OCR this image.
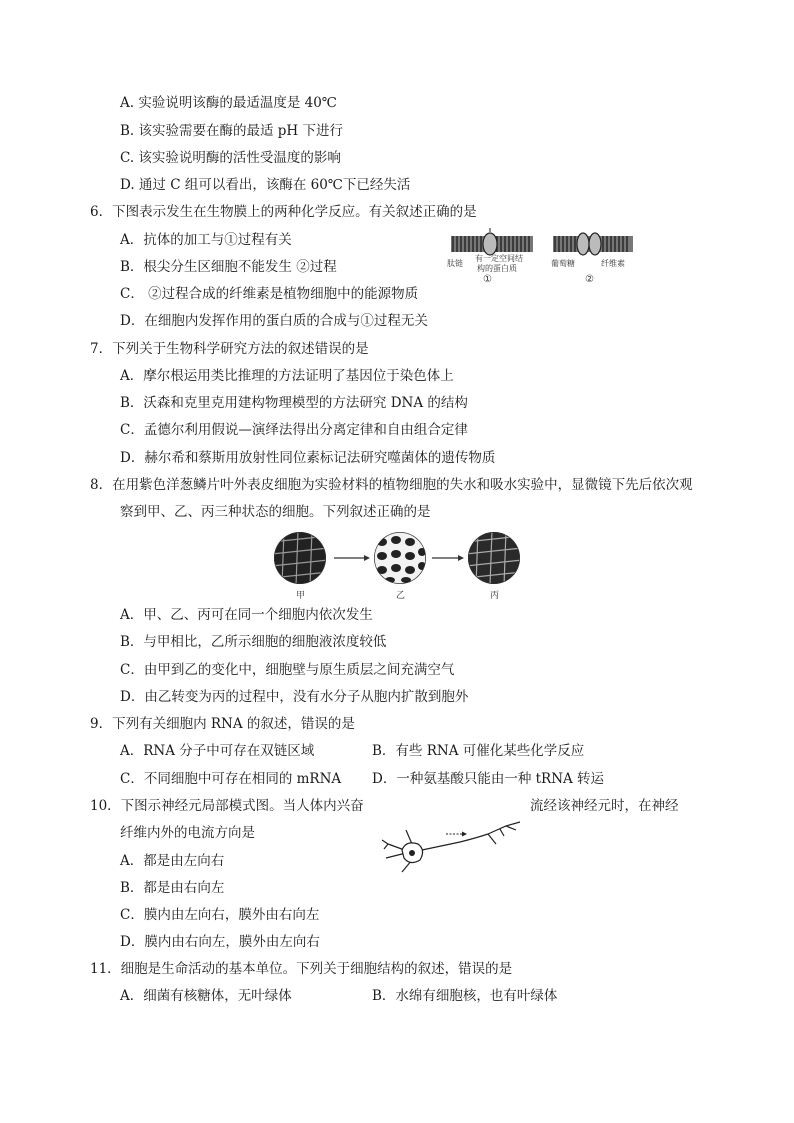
A. 实验说明该酶的最适温度是 40℃
B. 该实验需要在酶的最适 pH 下进行
C. 该实验说明酶的活性受温度的影响
D. 通过 C 组可以看出，该酶在 60℃下已经失活
6．下图表示发生在生物膜上的两种化学反应。有关叙述正确的是
A．抗体的加工与①过程有关
B．根尖分生区细胞不能发生 ②过程
C． ②过程合成的纤维素是植物细胞中的能源物质
D．在细胞内发挥作用的蛋白质的合成与①过程无关
肽链
有一定空间结
构的蛋白质
①
葡萄糖	纤维素
②
7．下列关于生物科学研究方法的叙述错误的是
A．摩尔根运用类比推理的方法证明了基因位于染色体上
B．沃森和克里克用建构物理模型的方法研究 DNA 的结构
C．孟德尔利用假说—演绎法得出分离定律和自由组合定律
D．赫尔希和蔡斯用放射性同位素标记法研究噬菌体的遗传物质
8．在用紫色洋葱鳞片叶外表皮细胞为实验材料的植物细胞的失水和吸水实验中，显微镜下先后依次观
察到甲、乙、丙三种状态的细胞。下列叙述正确的是
甲	乙	丙
A．甲、乙、丙可在同一个细胞内依次发生
B．与甲相比，乙所示细胞的细胞液浓度较低
C．由甲到乙的变化中，细胞壁与原生质层之间充满空气
D．由乙转变为丙的过程中，没有水分子从胞内扩散到胞外
9．下列有关细胞内 RNA 的叙述，错误的是
A．RNA 分子中可存在双链区域	B．有些 RNA 可催化某些化学反应
C．不同细胞中可存在相同的 mRNA D．一种氨基酸只能由一种 tRNA 转运
10．下图示神经元局部模式图。当人体内兴奋	流经该神经元时，在神经
纤维内外的电流方向是
A．都是由左向右
B．都是由右向左
C．膜内由左向右，膜外由右向左
D．膜内由右向左，膜外由左向右
11．细胞是生命活动的基本单位。下列关于细胞结构的叙述，错误的是
A．细菌有核糖体，无叶绿体	B．水绵有细胞核，也有叶绿体
